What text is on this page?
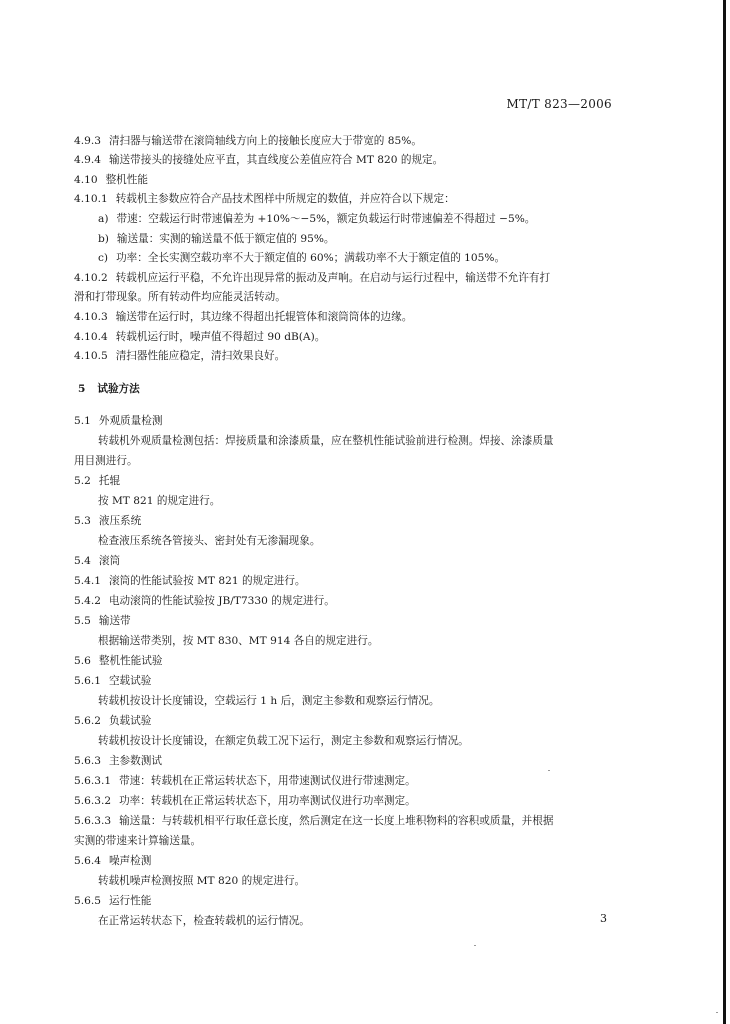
MT/T 823—2006
4.9.3 清扫器与输送带在滚筒轴线方向上的接触长度应大于带宽的 85%。
4.9.4 输送带接头的接缝处应平直，其直线度公差值应符合 MT 820 的规定。
4.10 整机性能
4.10.1 转载机主参数应符合产品技术图样中所规定的数值，并应符合以下规定：
a) 带速：空载运行时带速偏差为 +10%～−5%，额定负载运行时带速偏差不得超过 −5%。
b) 输送量：实测的输送量不低于额定值的 95%。
c) 功率：全长实测空载功率不大于额定值的 60%；满载功率不大于额定值的 105%。
4.10.2 转载机应运行平稳，不允许出现异常的振动及声响。在启动与运行过程中，输送带不允许有打
滑和打带现象。所有转动件均应能灵活转动。
4.10.3 输送带在运行时，其边缘不得超出托辊管体和滚筒筒体的边缘。
4.10.4 转载机运行时，噪声值不得超过 90 dB(A)。
4.10.5 清扫器性能应稳定，清扫效果良好。
5 试验方法
5.1 外观质量检测
转载机外观质量检测包括：焊接质量和涂漆质量，应在整机性能试验前进行检测。焊接、涂漆质量
用目测进行。
5.2 托辊
按 MT 821 的规定进行。
5.3 液压系统
检查液压系统各管接头、密封处有无渗漏现象。
5.4 滚筒
5.4.1 滚筒的性能试验按 MT 821 的规定进行。
5.4.2 电动滚筒的性能试验按 JB/T7330 的规定进行。
5.5 输送带
根据输送带类别，按 MT 830、MT 914 各自的规定进行。
5.6 整机性能试验
5.6.1 空载试验
转载机按设计长度铺设，空载运行 1 h 后，测定主参数和观察运行情况。
5.6.2 负载试验
转载机按设计长度铺设，在额定负载工况下运行，测定主参数和观察运行情况。
5.6.3 主参数测试
5.6.3.1 带速：转载机在正常运转状态下，用带速测试仪进行带速测定。
5.6.3.2 功率：转载机在正常运转状态下，用功率测试仪进行功率测定。
5.6.3.3 输送量：与转载机相平行取任意长度，然后测定在这一长度上堆积物料的容积或质量，并根据
实测的带速来计算输送量。
5.6.4 噪声检测
转载机噪声检测按照 MT 820 的规定进行。
5.6.5 运行性能
在正常运转状态下，检查转载机的运行情况。	3
